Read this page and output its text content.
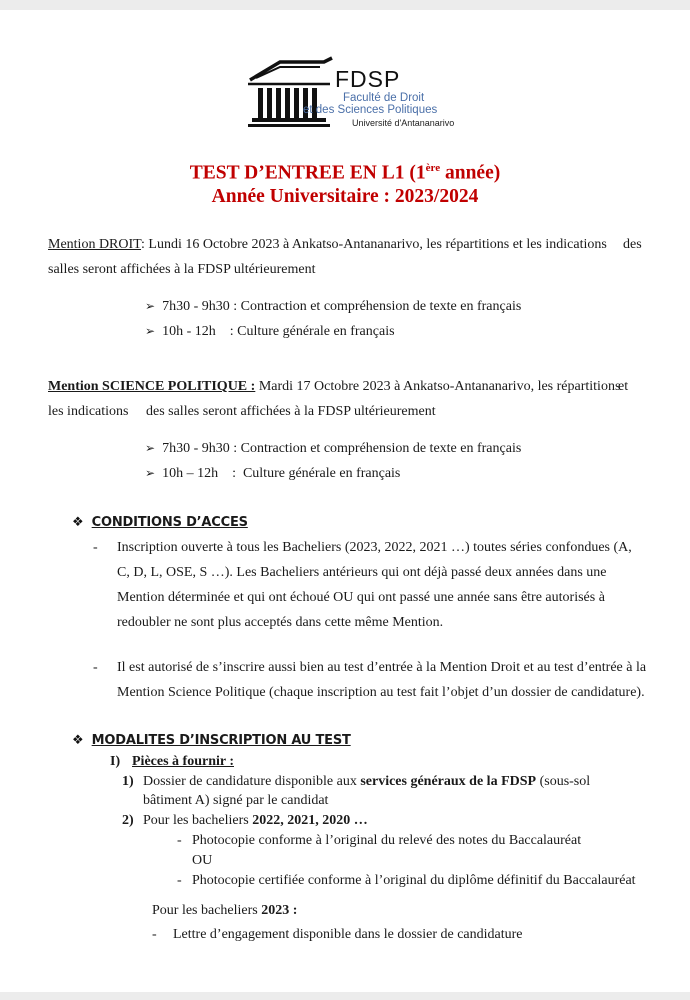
FDSP
Faculté de Droit
et des Sciences Politiques
Université d'Antananarivo
TEST D’ENTREE EN L1 (1ère année)
Année Universitaire : 2023/2024
Mention DROIT: Lundi 16 Octobre 2023 à Ankatso-Antananarivo, les répartitions et les indications des
salles seront affichées à la FDSP ultérieurement
➢ 7h30 - 9h30 : Contraction et compréhension de texte en français
➢ 10h - 12h    : Culture générale en français
Mention SCIENCE POLITIQUE : Mardi 17 Octobre 2023 à Ankatso-Antananarivo, les répartitions
et
les indications     des salles seront affichées à la FDSP ultérieurement
➢ 7h30 - 9h30 : Contraction et compréhension de texte en français
➢ 10h – 12h    :  Culture générale en français
❖ CONDITIONS D’ACCES
- Inscription ouverte à tous les Bacheliers (2023, 2022, 2021 …) toutes séries confondues (A,
C, D, L, OSE, S …). Les Bacheliers antérieurs qui ont déjà passé deux années dans une
Mention déterminée et qui ont échoué OU qui ont passé une année sans être autorisés à
redoubler ne sont plus acceptés dans cette même Mention.
- Il est autorisé de s’inscrire aussi bien au test d’entrée à la Mention Droit et au test d’entrée à la
Mention Science Politique (chaque inscription au test fait l’objet d’un dossier de candidature).
❖ MODALITES D’INSCRIPTION AU TEST
I) Pièces à fournir :
1) Dossier de candidature disponible aux services généraux de la FDSP (sous-sol
bâtiment A) signé par le candidat
2) Pour les bacheliers 2022, 2021, 2020 …
- Photocopie conforme à l’original du relevé des notes du Baccalauréat
OU
- Photocopie certifiée conforme à l’original du diplôme définitif du Baccalauréat
Pour les bacheliers 2023 :
- Lettre d’engagement disponible dans le dossier de candidature
